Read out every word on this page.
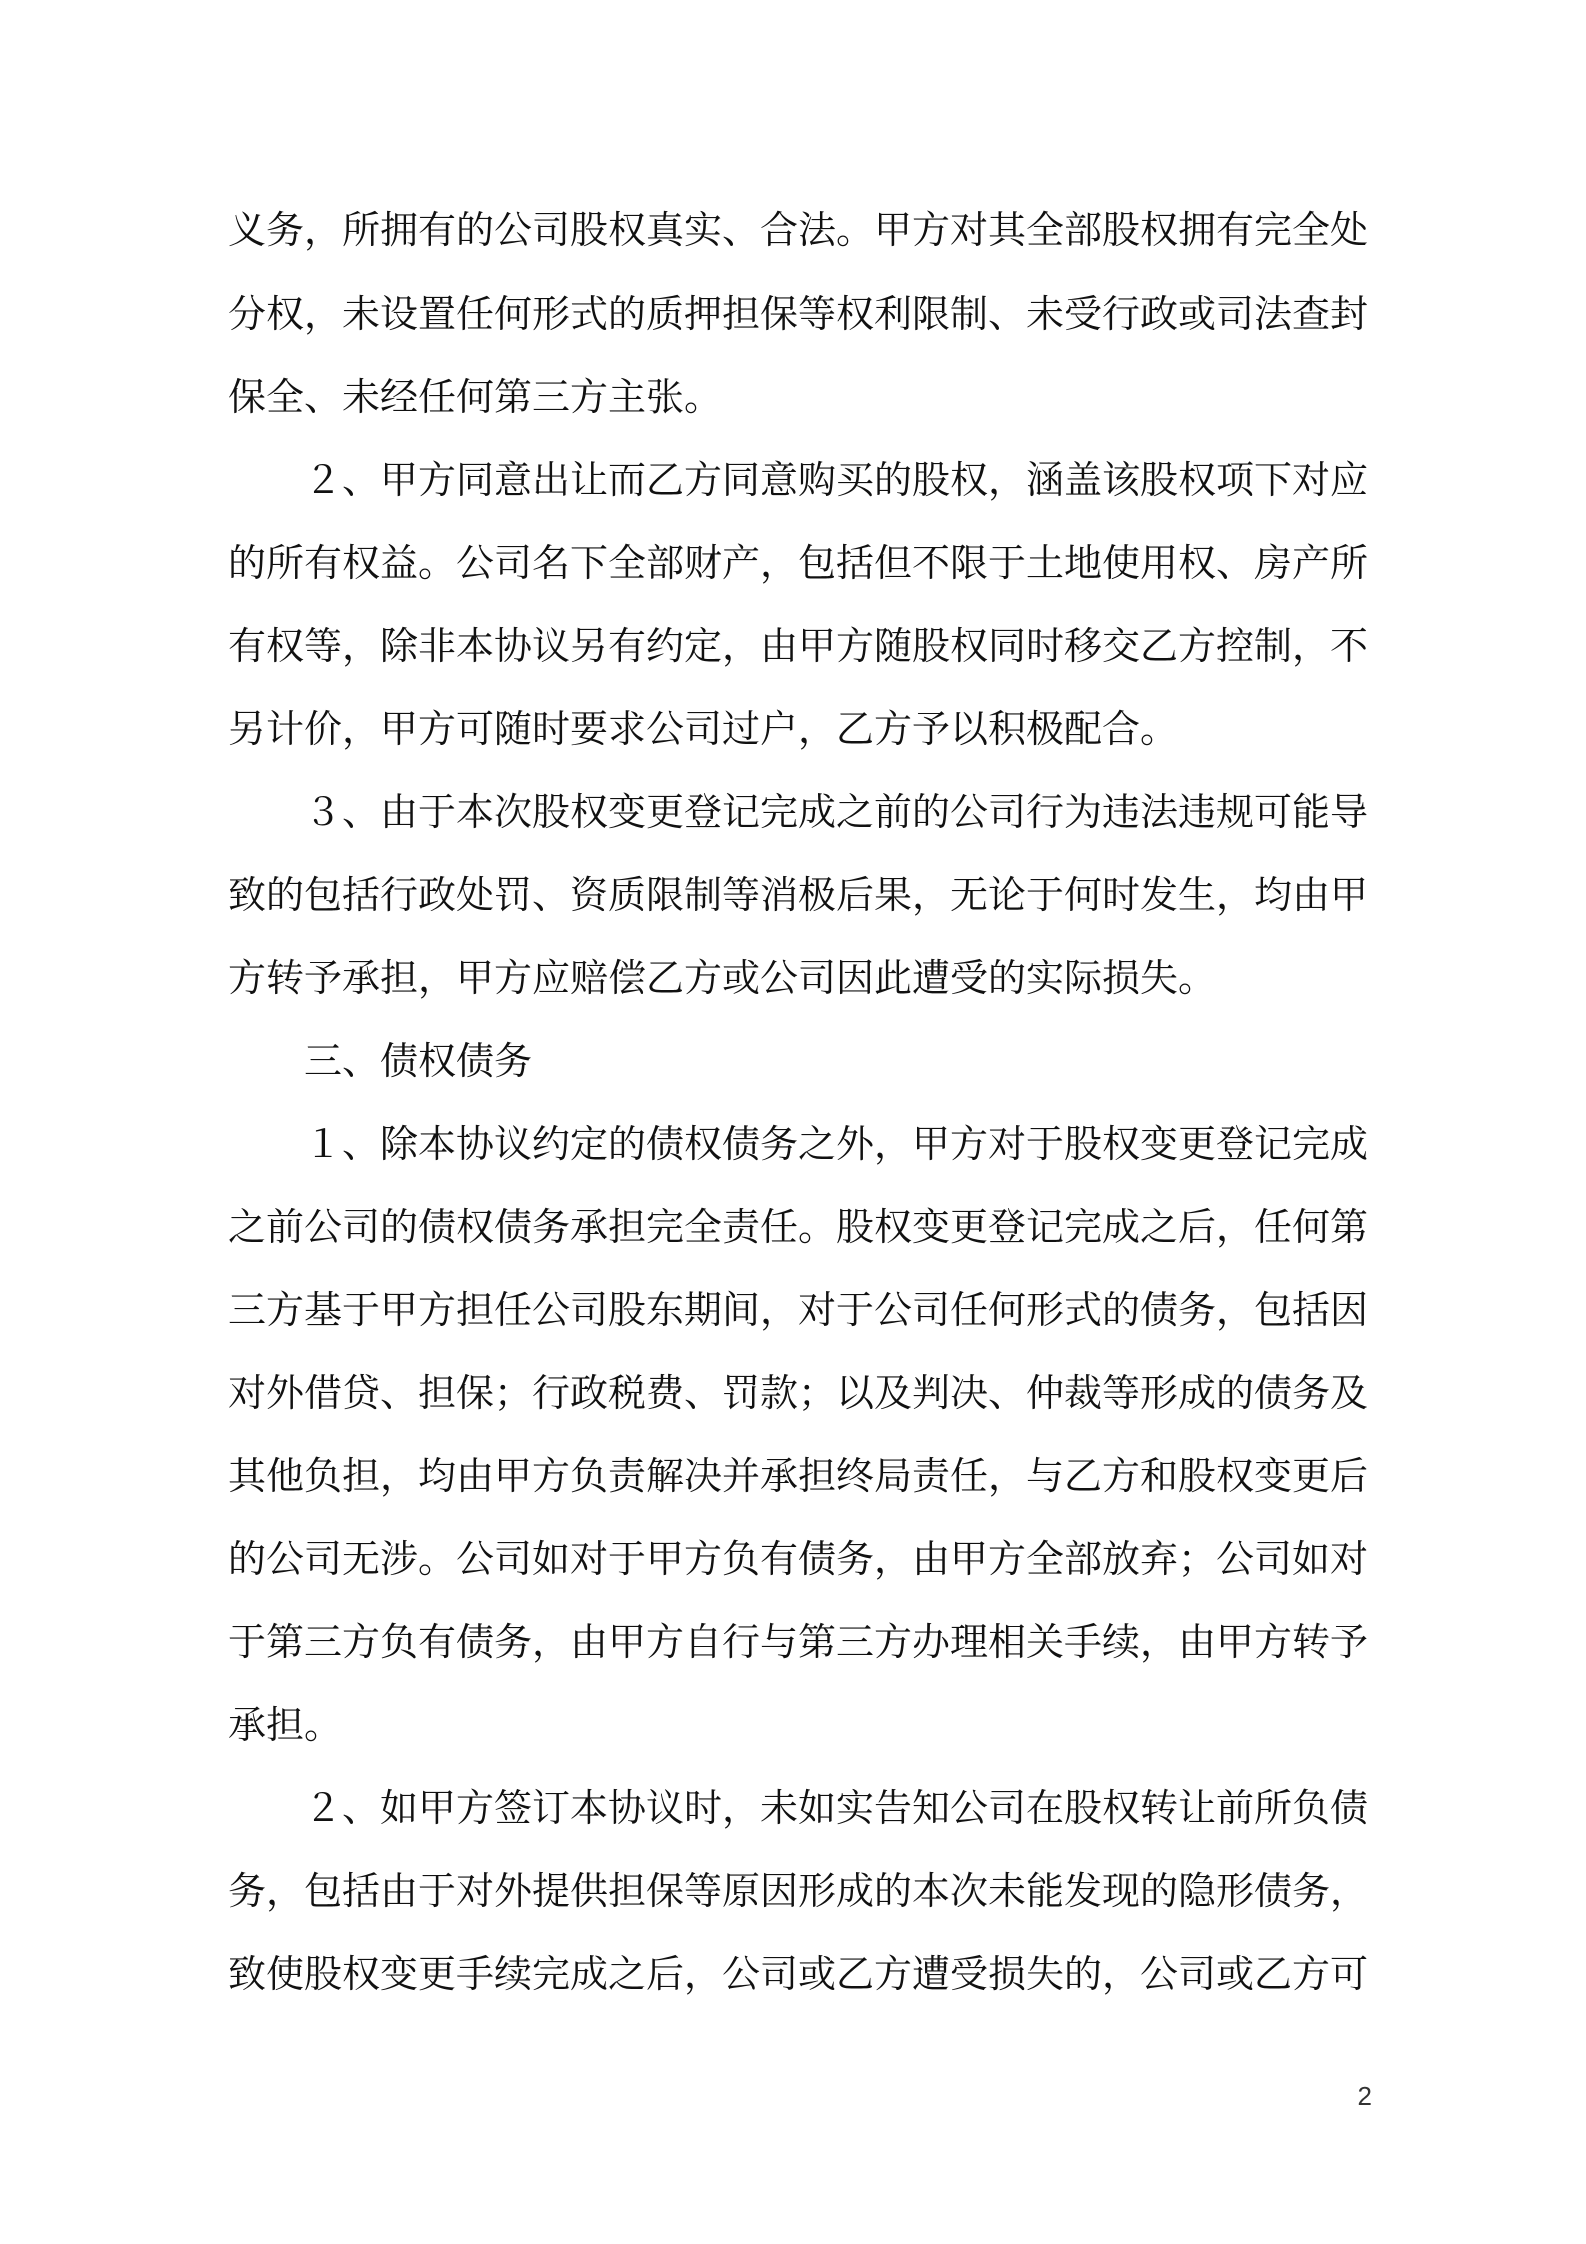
义务，所拥有的公司股权真实、合法。甲方对其全部股权拥有完全处
分权，未设置任何形式的质押担保等权利限制、未受行政或司法查封
保全、未经任何第三方主张。
２、甲方同意出让而乙方同意购买的股权，涵盖该股权项下对应
的所有权益。公司名下全部财产，包括但不限于土地使用权、房产所
有权等，除非本协议另有约定，由甲方随股权同时移交乙方控制，不
另计价，甲方可随时要求公司过户，乙方予以积极配合。
３、由于本次股权变更登记完成之前的公司行为违法违规可能导
致的包括行政处罚、资质限制等消极后果，无论于何时发生，均由甲
方转予承担，甲方应赔偿乙方或公司因此遭受的实际损失。
三、债权债务
１、除本协议约定的债权债务之外，甲方对于股权变更登记完成
之前公司的债权债务承担完全责任。股权变更登记完成之后，任何第
三方基于甲方担任公司股东期间，对于公司任何形式的债务，包括因
对外借贷、担保；行政税费、罚款；以及判决、仲裁等形成的债务及
其他负担，均由甲方负责解决并承担终局责任，与乙方和股权变更后
的公司无涉。公司如对于甲方负有债务，由甲方全部放弃；公司如对
于第三方负有债务，由甲方自行与第三方办理相关手续，由甲方转予
承担。
２、如甲方签订本协议时，未如实告知公司在股权转让前所负债
务，包括由于对外提供担保等原因形成的本次未能发现的隐形债务，
致使股权变更手续完成之后，公司或乙方遭受损失的，公司或乙方可
2
